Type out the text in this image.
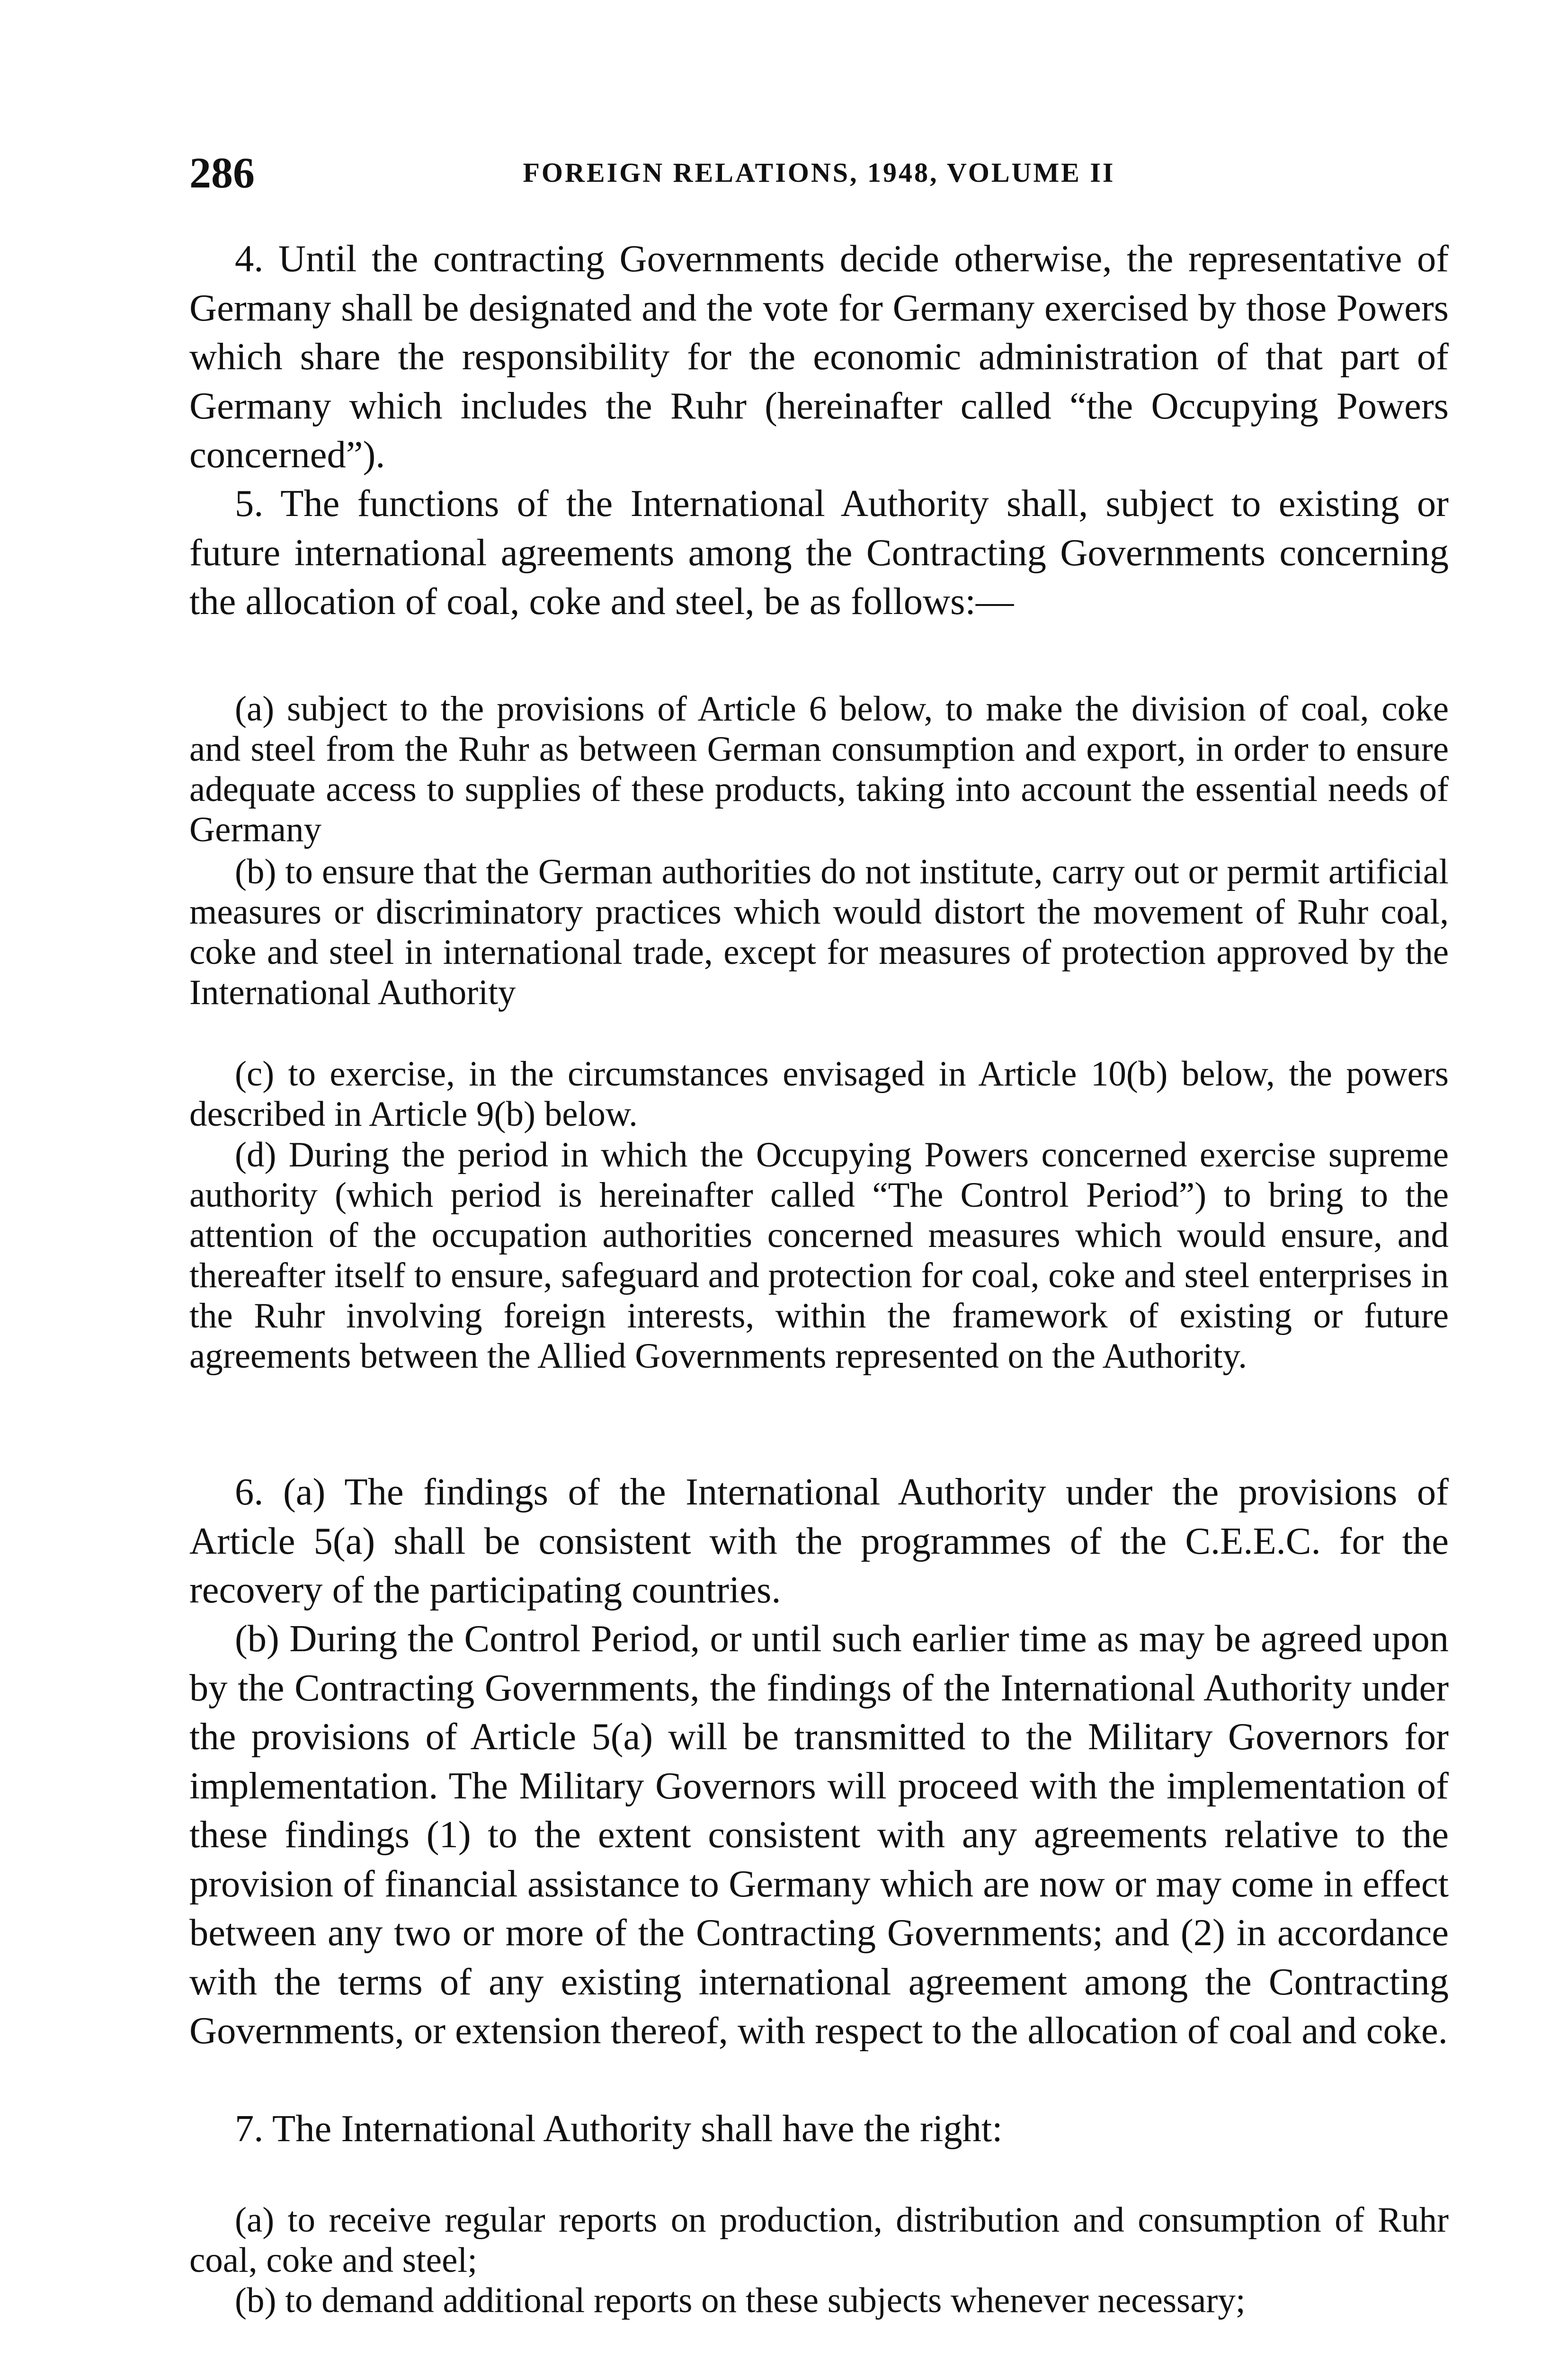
286	FOREIGN RELATIONS, 1948, VOLUME II

4. Until the contracting Governments decide otherwise, the representative of Germany shall be designated and the vote for Germany exercised by those Powers which share the responsibility for the economic administration of that part of Germany which includes the Ruhr (hereinafter called “the Occupying Powers concerned”).

5. The functions of the International Authority shall, subject to existing or future international agreements among the Contracting Governments concerning the allocation of coal, coke and steel, be as follows:—

(a) subject to the provisions of Article 6 below, to make the division of coal, coke and steel from the Ruhr as between German consumption and export, in order to ensure adequate access to supplies of these products, taking into account the essential needs of Germany

(b) to ensure that the German authorities do not institute, carry out or permit artificial measures or discriminatory practices which would distort the movement of Ruhr coal, coke and steel in international trade, except for measures of protection approved by the International Authority

(c) to exercise, in the circumstances envisaged in Article 10(b) below, the powers described in Article 9(b) below.

(d) During the period in which the Occupying Powers concerned exercise supreme authority (which period is hereinafter called “The Control Period”) to bring to the attention of the occupation authorities concerned measures which would ensure, and thereafter itself to ensure, safeguard and protection for coal, coke and steel enterprises in the Ruhr involving foreign interests, within the framework of existing or future agreements between the Allied Governments represented on the Authority.

6. (a) The findings of the International Authority under the provisions of Article 5(a) shall be consistent with the programmes of the C.E.E.C. for the recovery of the participating countries.

(b) During the Control Period, or until such earlier time as may be agreed upon by the Contracting Governments, the findings of the International Authority under the provisions of Article 5(a) will be transmitted to the Military Governors for implementation. The Military Governors will proceed with the implementation of these findings (1) to the extent consistent with any agreements relative to the provision of financial assistance to Germany which are now or may come in effect between any two or more of the Contracting Governments; and (2) in accordance with the terms of any existing international agreement among the Contracting Governments, or extension thereof, with respect to the allocation of coal and coke.

7. The International Authority shall have the right:

(a) to receive regular reports on production, distribution and consumption of Ruhr coal, coke and steel;

(b) to demand additional reports on these subjects whenever necessary;
